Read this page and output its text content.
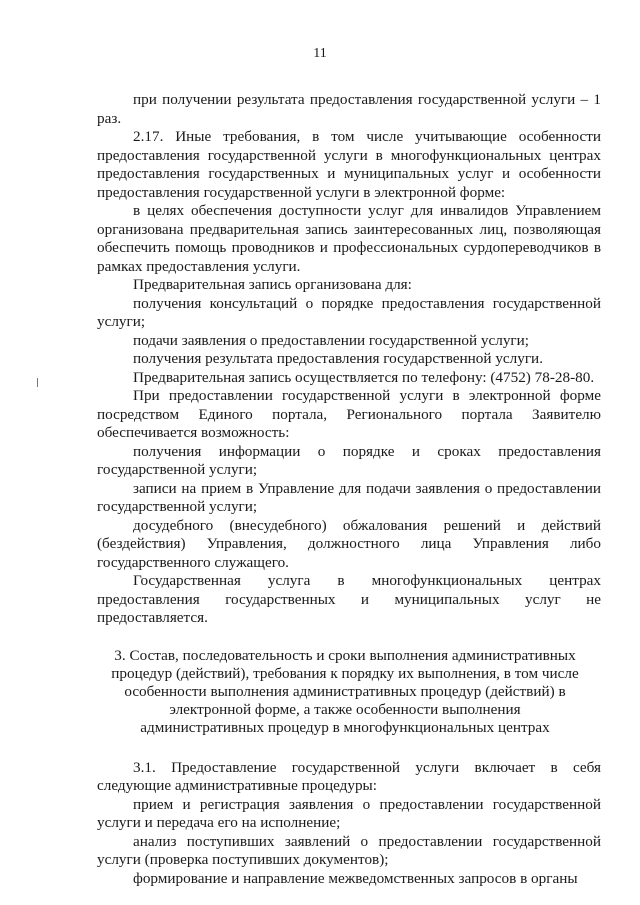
11

при получении результата предоставления государственной услуги – 1 раз.

2.17. Иные требования, в том числе учитывающие особенности предоставления государственной услуги в многофункциональных центрах предоставления государственных и муниципальных услуг и особенности предоставления государственной услуги в электронной форме:

в целях обеспечения доступности услуг для инвалидов Управлением организована предварительная запись заинтересованных лиц, позволяющая обеспечить помощь проводников и профессиональных сурдопереводчиков в рамках предоставления услуги.

Предварительная запись организована для:

получения консультаций о порядке предоставления государственной услуги;

подачи заявления о предоставлении государственной услуги;

получения результата предоставления государственной услуги.

Предварительная запись осуществляется по телефону: (4752) 78-28-80.

При предоставлении государственной услуги в электронной форме посредством Единого портала, Регионального портала Заявителю обеспечивается возможность:

получения информации о порядке и сроках предоставления государственной услуги;

записи на прием в Управление для подачи заявления о предоставлении государственной услуги;

досудебного (внесудебного) обжалования решений и действий (бездействия) Управления, должностного лица Управления либо государственного служащего.

Государственная услуга в многофункциональных центрах предоставления государственных и муниципальных услуг не предоставляется.

3. Состав, последовательность и сроки выполнения административных процедур (действий), требования к порядку их выполнения, в том числе особенности выполнения административных процедур (действий) в электронной форме, а также особенности выполнения административных процедур в многофункциональных центрах

3.1. Предоставление государственной услуги включает в себя следующие административные процедуры:

прием и регистрация заявления о предоставлении государственной услуги и передача его на исполнение;

анализ поступивших заявлений о предоставлении государственной услуги (проверка поступивших документов);

формирование и направление межведомственных запросов в органы
